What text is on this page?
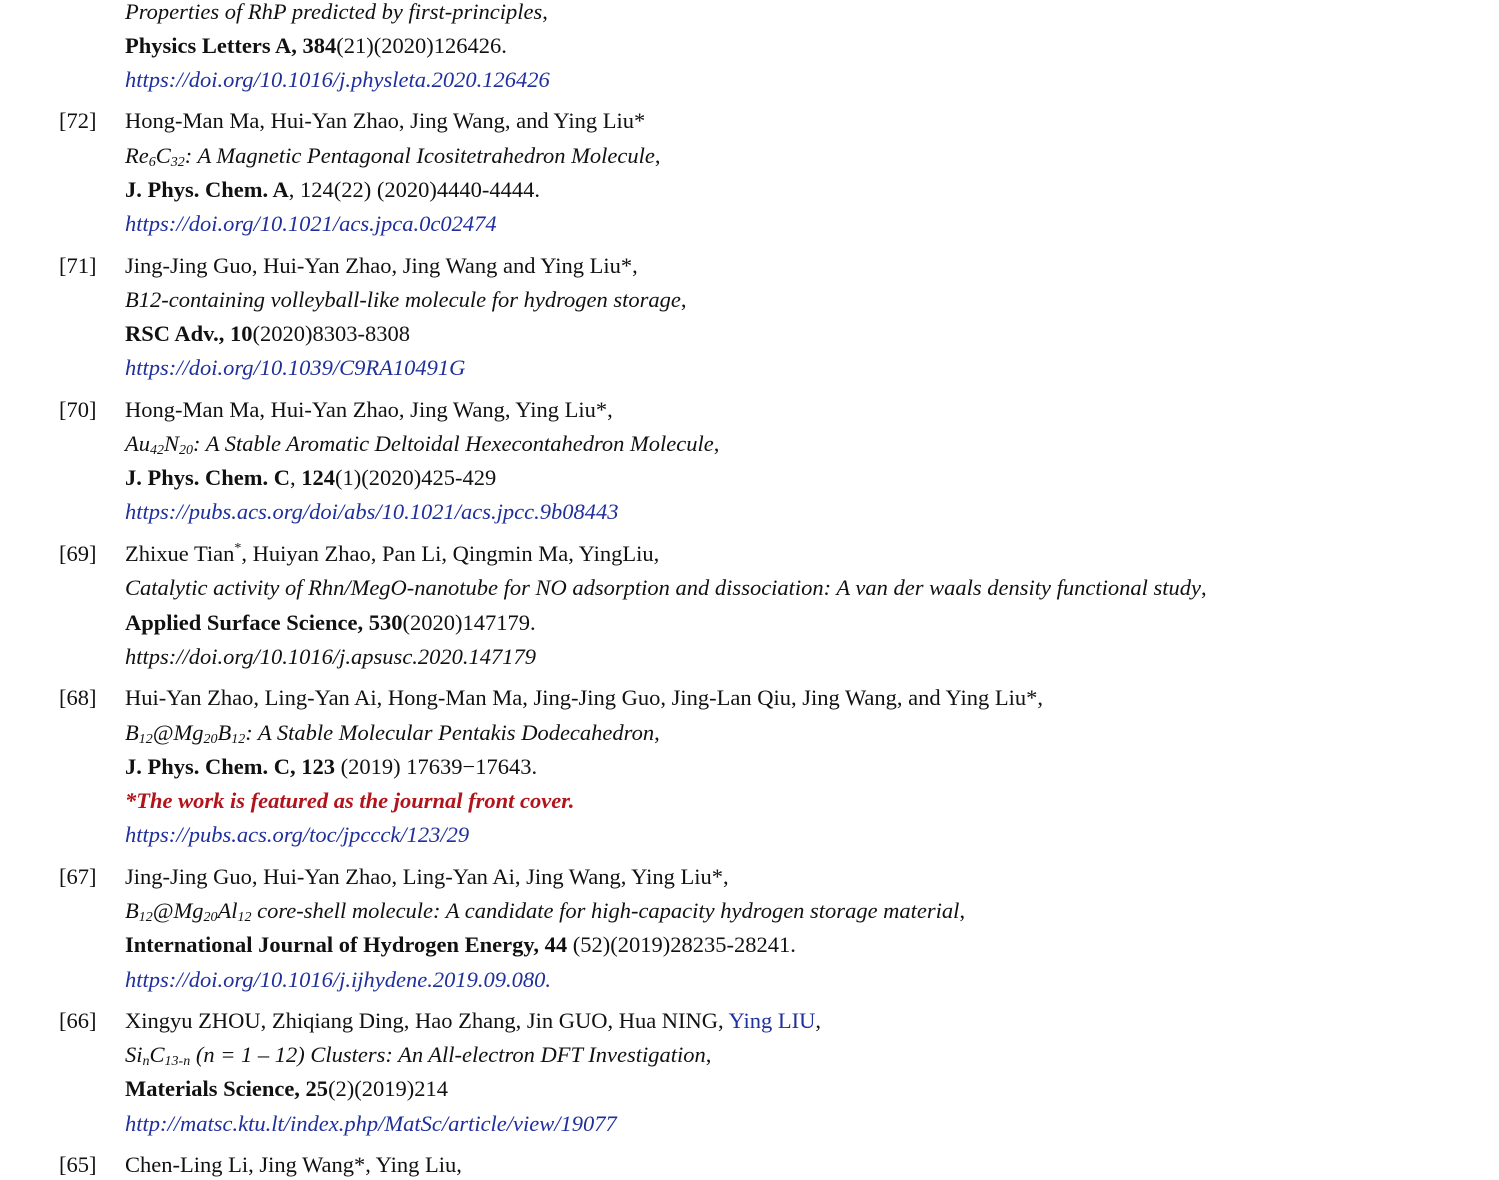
Properties of RhP predicted by first-principles,
Physics Letters A, 384(21)(2020)126426.
https://doi.org/10.1016/j.physleta.2020.126426
[72] Hong-Man Ma, Hui-Yan Zhao, Jing Wang, and Ying Liu*
$Re_6C_{32}$: A Magnetic Pentagonal Icositetrahedron Molecule,
J. Phys. Chem. A, 124(22) (2020)4440-4444.
https://doi.org/10.1021/acs.jpca.0c02474
[71] Jing-Jing Guo, Hui-Yan Zhao, Jing Wang and Ying Liu*,
B12-containing volleyball-like molecule for hydrogen storage,
RSC Adv., 10(2020)8303-8308
https://doi.org/10.1039/C9RA10491G
[70] Hong-Man Ma, Hui-Yan Zhao, Jing Wang, Ying Liu*,
$Au_{42}N_{20}$: A Stable Aromatic Deltoidal Hexecontahedron Molecule,
J. Phys. Chem. C, 124(1)(2020)425-429
https://pubs.acs.org/doi/abs/10.1021/acs.jpcc.9b08443
[69] Zhixue Tian*, Huiyan Zhao, Pan Li, Qingmin Ma, YingLiu,
Catalytic activity of Rhn/MegO-nanotube for NO adsorption and dissociation: A van der waals density functional study,
Applied Surface Science, 530(2020)147179.
https://doi.org/10.1016/j.apsusc.2020.147179
[68] Hui-Yan Zhao, Ling-Yan Ai, Hong-Man Ma, Jing-Jing Guo, Jing-Lan Qiu, Jing Wang, and Ying Liu*,
$B_{12}@Mg_{20}B_{12}$: A Stable Molecular Pentakis Dodecahedron,
J. Phys. Chem. C, 123 (2019) 17639−17643.
*The work is featured as the journal front cover.
https://pubs.acs.org/toc/jpccck/123/29
[67] Jing-Jing Guo, Hui-Yan Zhao, Ling-Yan Ai, Jing Wang, Ying Liu*,
$B_{12}@Mg_{20}Al_{12}$ core-shell molecule: A candidate for high-capacity hydrogen storage material,
International Journal of Hydrogen Energy, 44 (52)(2019)28235-28241.
https://doi.org/10.1016/j.ijhydene.2019.09.080.
[66] Xingyu ZHOU, Zhiqiang Ding, Hao Zhang, Jin GUO, Hua NING, Ying LIU,
$Si_nC_{13-n}$ (n = 1 – 12) Clusters: An All-electron DFT Investigation,
Materials Science, 25(2)(2019)214
http://matsc.ktu.lt/index.php/MatSc/article/view/19077
[65] Chen-Ling Li, Jing Wang*, Ying Liu,
